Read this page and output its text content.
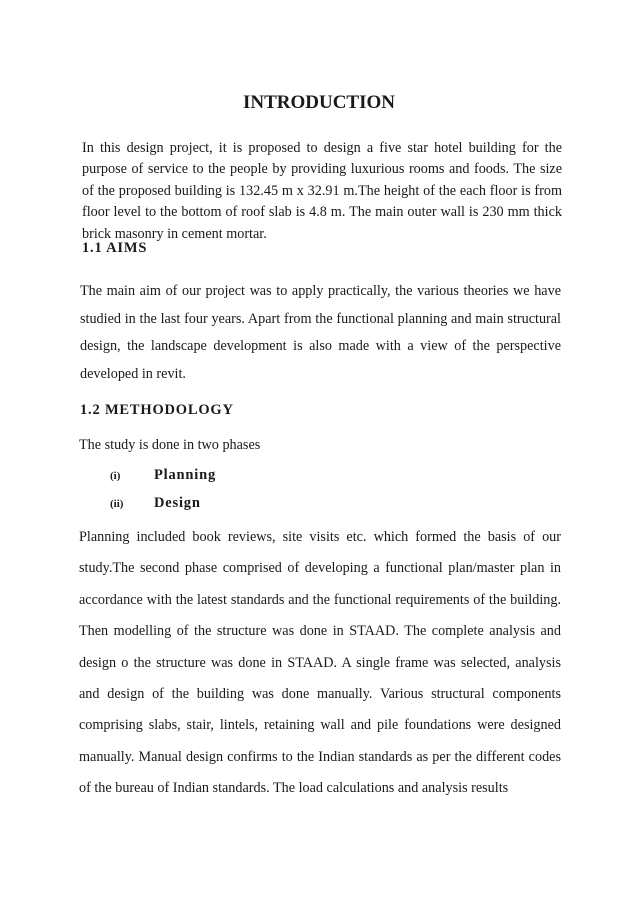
INTRODUCTION

In this design project, it is proposed to design a five star hotel building for the purpose of service to the people by providing luxurious rooms and foods. The size of the proposed building is 132.45 m x 32.91 m.The height of the each floor is from floor level to the bottom of roof slab is 4.8 m. The main outer wall is 230 mm thick brick masonry in cement mortar.

1.1 AIMS

The main aim of our project was to apply practically, the various theories we have studied in the last four years. Apart from the functional planning and main structural design, the landscape development is also made with a view of the perspective developed in revit.

1.2 METHODOLOGY

The study is done in two phases

(i)	Planning
(ii)	Design

Planning included book reviews, site visits etc. which formed the basis of our study.The second phase comprised of developing a functional plan/master plan in accordance with the latest standards and the functional requirements of the building. Then modelling of the structure was done in STAAD. The complete analysis and design o the structure was done in STAAD. A single frame was selected, analysis and design of the building was done manually. Various structural components comprising slabs, stair, lintels, retaining wall and pile foundations were designed manually. Manual design confirms to the Indian standards as per the different codes of the bureau of Indian standards. The load calculations and analysis results
